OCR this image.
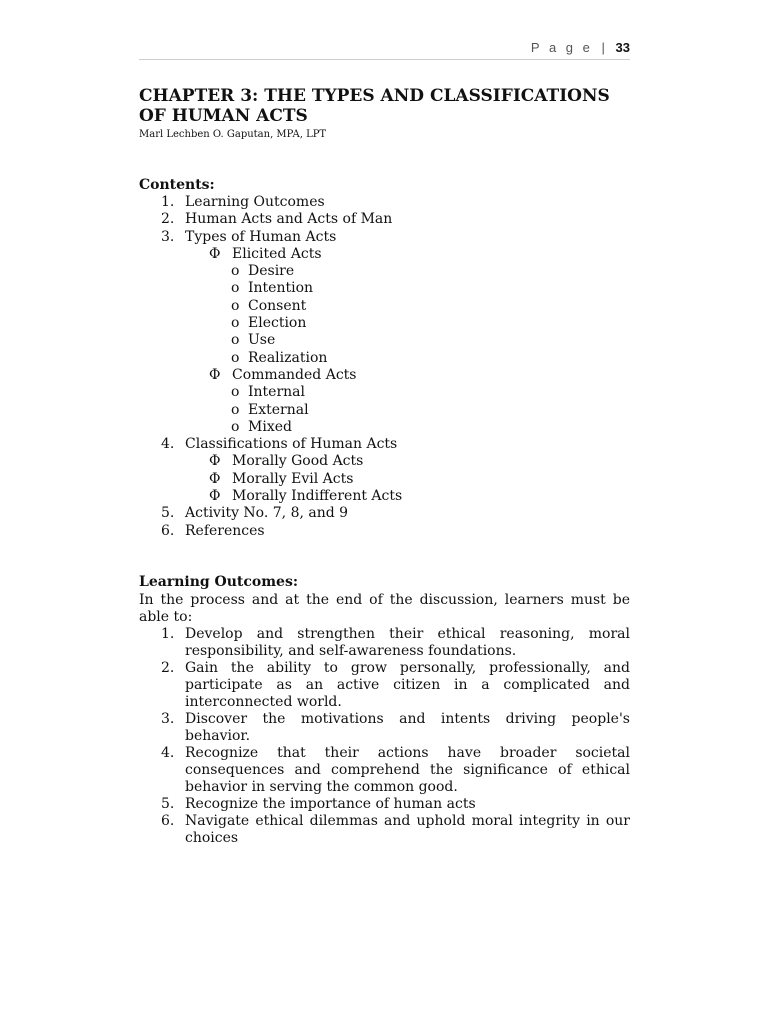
P a g e | 33
CHAPTER 3: THE TYPES AND CLASSIFICATIONS OF HUMAN ACTS

Marl Lechben O. Gaputan, MPA, LPT

Contents:

1. Learning Outcomes
2. Human Acts and Acts of Man
3. Types of Human Acts
Φ Elicited Acts
o Desire
o Intention
o Consent
o Election
o Use
o Realization
Φ Commanded Acts
o Internal
o External
o Mixed
4. Classifications of Human Acts
Φ Morally Good Acts
Φ Morally Evil Acts
Φ Morally Indifferent Acts
5. Activity No. 7, 8, and 9
6. References

Learning Outcomes:

In the process and at the end of the discussion, learners must be able to:

1. Develop and strengthen their ethical reasoning, moral responsibility, and self-awareness foundations.
2. Gain the ability to grow personally, professionally, and participate as an active citizen in a complicated and interconnected world.
3. Discover the motivations and intents driving people's behavior.
4. Recognize that their actions have broader societal consequences and comprehend the significance of ethical behavior in serving the common good.
5. Recognize the importance of human acts
6. Navigate ethical dilemmas and uphold moral integrity in our choices
